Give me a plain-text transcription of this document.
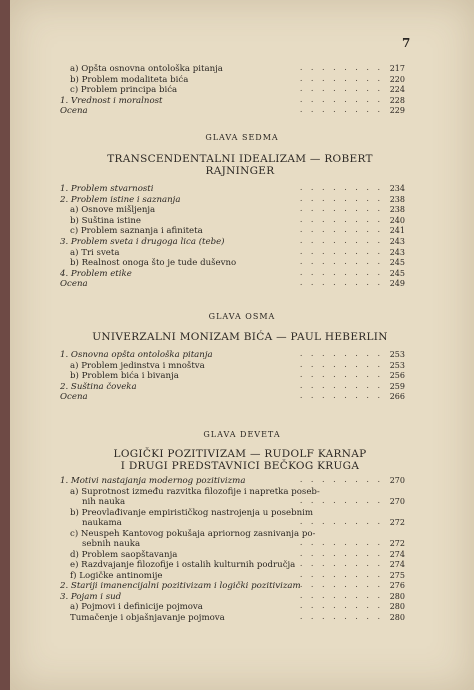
7
a) Opšta osnovna ontološka pitanja	. . . . . . . . 217
b) Problem modaliteta bića	. . . . . . . . 220
c) Problem principa bića	. . . . . . . . 224
1. Vrednost i moralnost	. . . . . . . . 228
Ocena	. . . . . . . . 229
GLAVA SEDMA
TRANSCENDENTALNI IDEALIZAM — ROBERT
RAJNINGER
1. Problem stvarnosti	. . . . . . . . 234
2. Problem istine i saznanja	. . . . . . . . 238
a) Osnove mišljenja	. . . . . . . . 238
b) Suština istine	. . . . . . . . 240
c) Problem saznanja i afiniteta	. . . . . . . . 241
3. Problem sveta i drugoga lica (tebe)	. . . . . . . . 243
a) Tri sveta	. . . . . . . . 243
b) Realnost onoga što je tude duševno	. . . . . . . . 245
4. Problem etike	. . . . . . . . 245
Ocena	. . . . . . . . 249
GLAVA OSMA
UNIVERZALNI MONIZAM BIĆA — PAUL HEBERLIN
1. Osnovna opšta ontološka pitanja	. . . . . . . . 253
a) Problem jedinstva i mnoštva	. . . . . . . . 253
b) Problem bića i bivanja	. . . . . . . . 256
2. Suština čoveka	. . . . . . . . 259
Ocena	. . . . . . . . 266
GLAVA DEVETA
LOGIČKI POZITIVIZAM — RUDOLF KARNAP
I DRUGI PREDSTAVNICI BEČKOG KRUGA
1. Motivi nastajanja modernog pozitivizma	. . . . . . . . 270
a) Suprotnost između razvitka filozofije i napretka poseb-
nih nauka	. . . . . . . . 270
b) Preovlađivanje empirističkog nastrojenja u posebnim
naukama	. . . . . . . . 272
c) Neuspeh Kantovog pokušaja apriornog zasnivanja po-
sebnih nauka	. . . . . . . . 272
d) Problem saopštavanja	. . . . . . . . 274
e) Razdvajanje filozofije i ostalih kulturnih područja . . . . . . . . 274
f) Logičke antinomije	. . . . . . . . 275
2. Stariji imanencijalni pozitivizam i logički pozitivizam . . . . . . . . 276
3. Pojam i sud	. . . . . . . . 280
a) Pojmovi i definicije pojmova	. . . . . . . . 280
Tumačenje i objašnjavanje pojmova	. . . . . . . . 280
